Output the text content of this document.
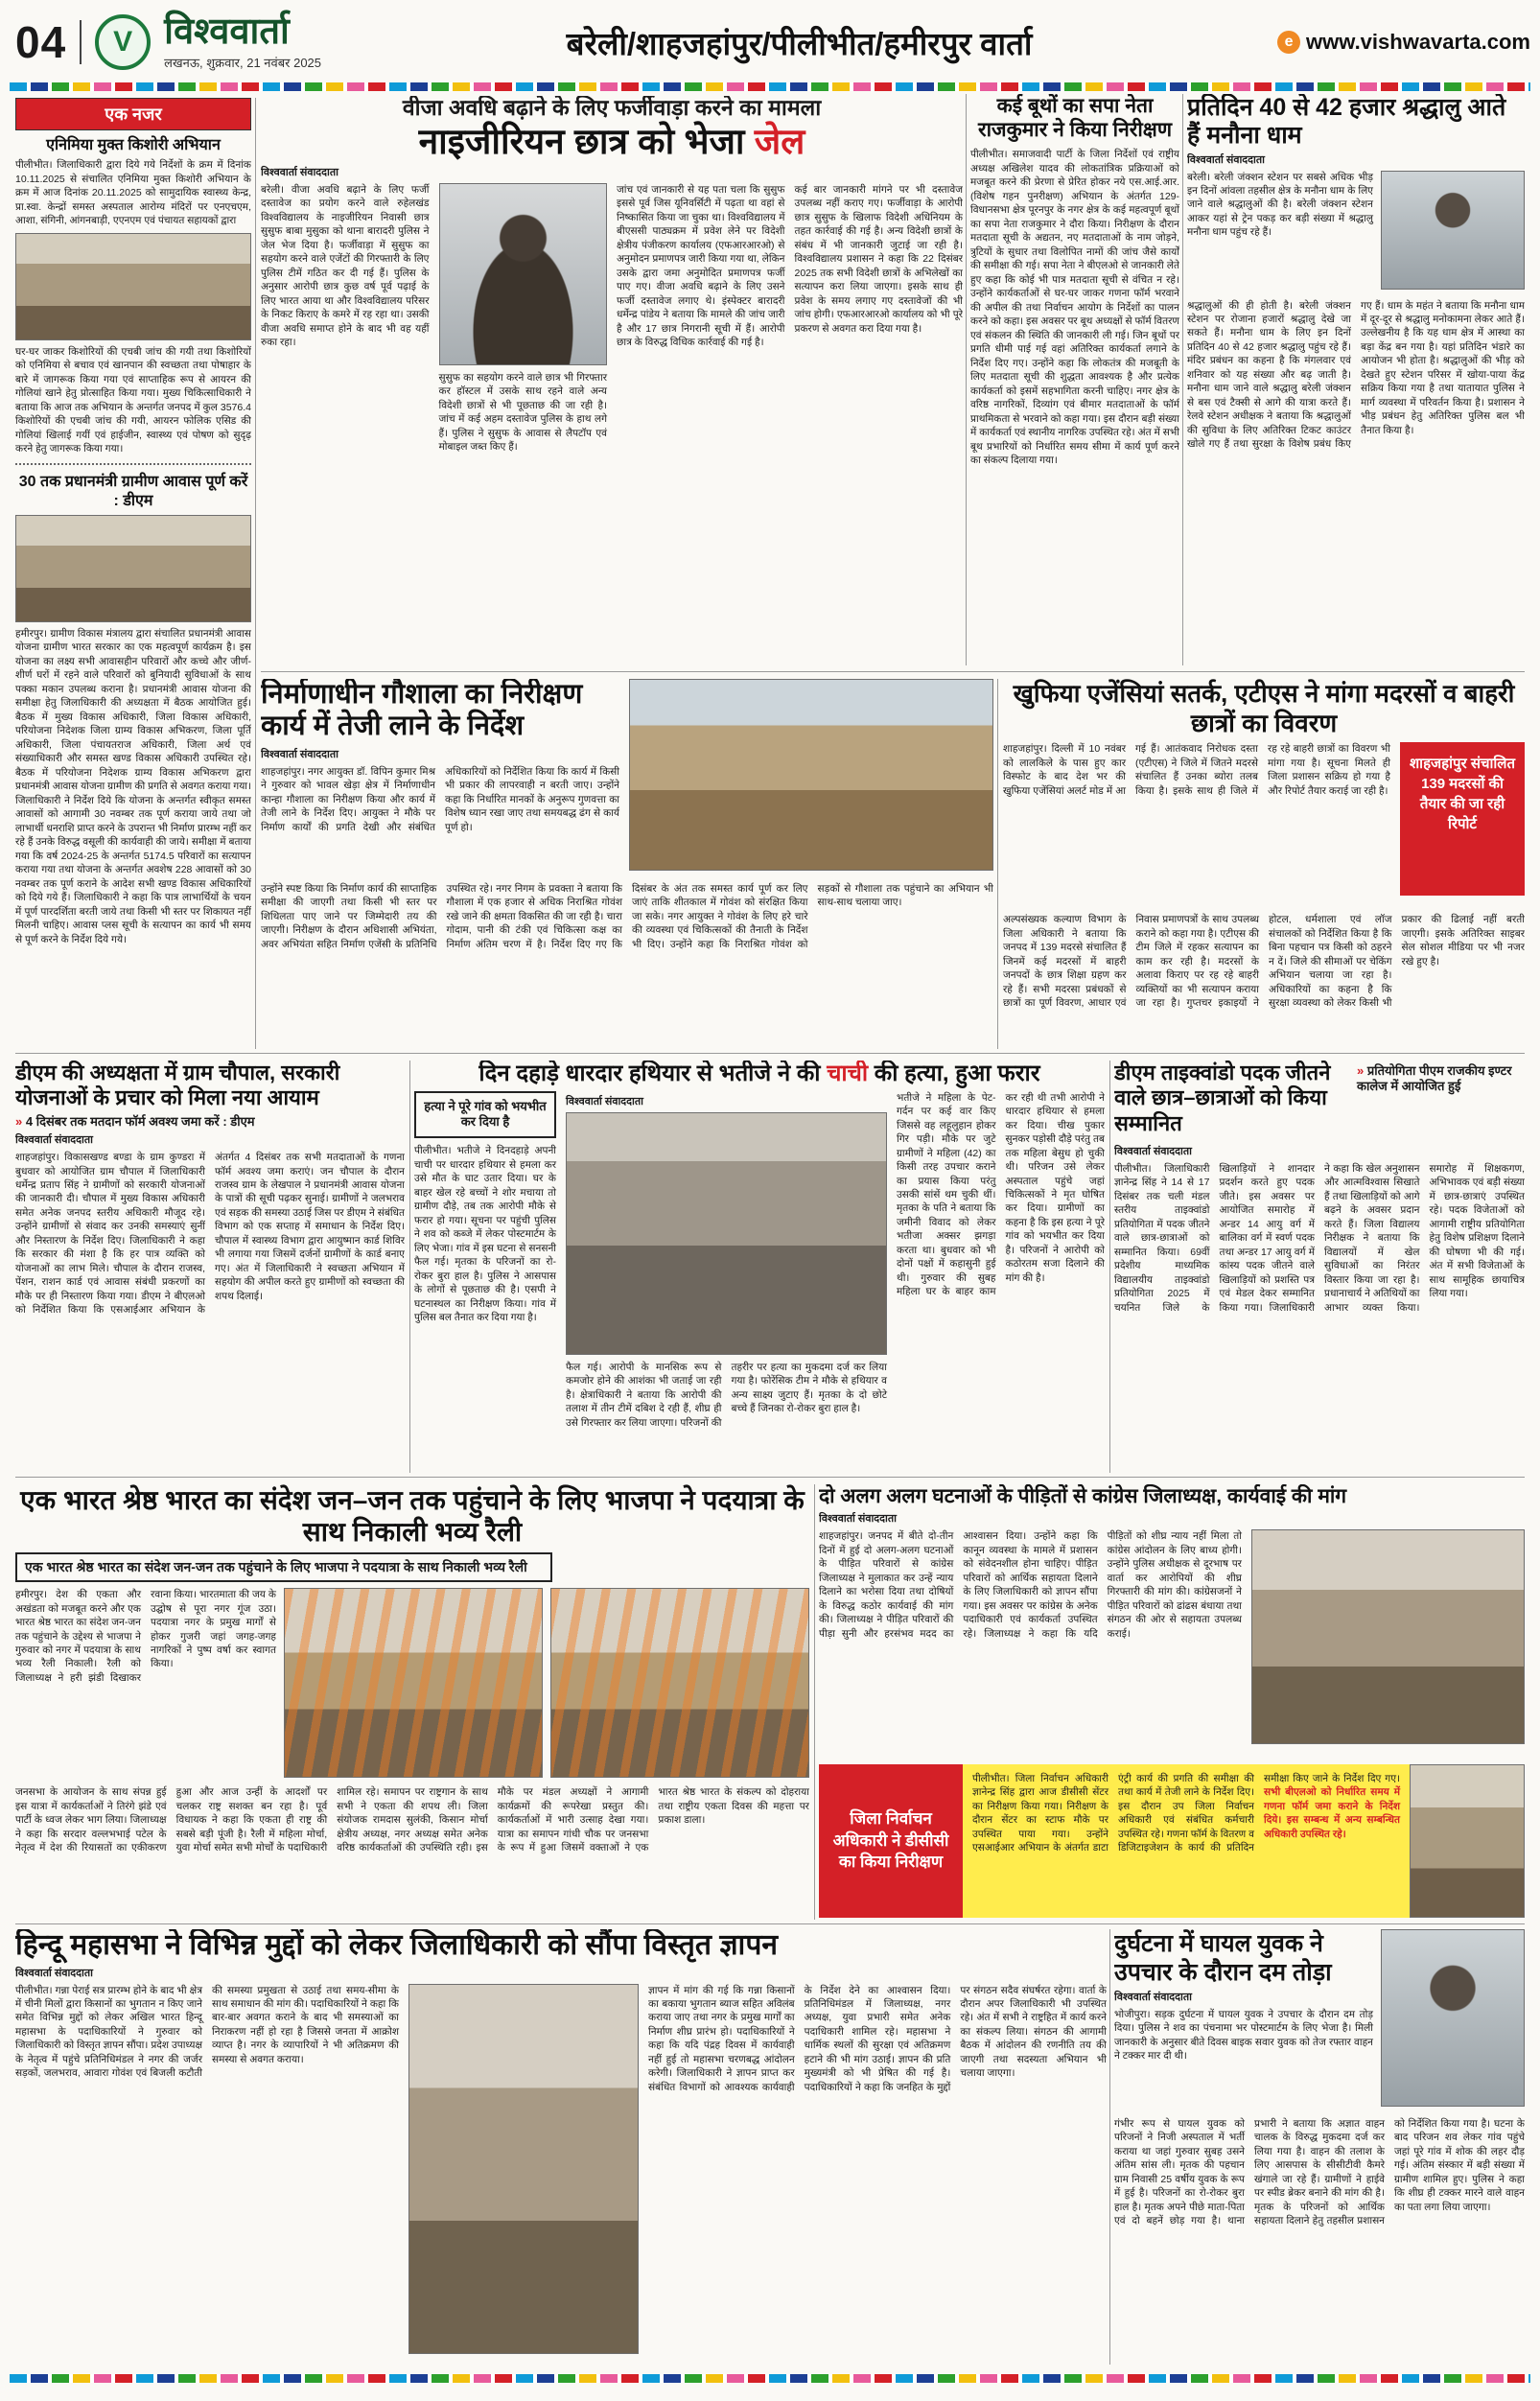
04	V विश्ववार्ता
लखनऊ, शुक्रवार, 21 नवंबर 2025
बरेली/शाहजहांपुर/पीलीभीत/हमीरपुर वार्ता	e www.vishwavarta.com
एक नजर
एनिमिया मुक्त किशोरी अभियान
पीलीभीत। जिलाधिकारी द्वारा दिये गये निर्देशों के क्रम में दिनांक 10.11.2025 से संचालित एनिमिया मुक्त किशोरी अभियान के क्रम में आज दिनांक 20.11.2025 को सामुदायिक स्वास्थ्य केन्द्र, प्रा.स्वा. केन्द्रों समस्त अस्पताल आरोग्य मंदिरों पर एनएचएम, आशा, संगिनी, आंगनबाड़ी, एएनएम एवं पंचायत सहायकों द्वारा
घर-घर जाकर किशोरियों की एचबी जांच की गयी तथा किशोरियों को एनिमिया से बचाव एवं खानपान की स्वच्छता तथा पोषाहार के बारे में जागरूक किया गया एवं साप्ताहिक रूप से आयरन की गोलियां खाने हेतु प्रोत्साहित किया गया। मुख्य चिकित्साधिकारी ने बताया कि आज तक अभियान के अन्तर्गत जनपद में कुल 3576.4 किशोरियों की एचबी जांच की गयी, आयरन फोलिक एसिड की गोलियां खिलाई गयीं एवं हाईजीन, स्वास्थ्य एवं पोषण को सुदृढ़ करने हेतु जागरूक किया गया।
30 तक प्रधानमंत्री ग्रामीण आवास पूर्ण करें : डीएम
हमीरपुर। ग्रामीण विकास मंत्रालय द्वारा संचालित प्रधानमंत्री आवास योजना ग्रामीण भारत सरकार का एक महत्वपूर्ण कार्यक्रम है। इस योजना का लक्ष्य सभी आवासहीन परिवारों और कच्चे और जीर्ण-शीर्ण घरों में रहने वाले परिवारों को बुनियादी सुविधाओं के साथ पक्का मकान उपलब्ध कराना है। प्रधानमंत्री आवास योजना की समीक्षा हेतु जिलाधिकारी की अध्यक्षता में बैठक आयोजित हुई। बैठक में मुख्य विकास अधिकारी, जिला विकास अधिकारी, परियोजना निदेशक जिला ग्राम्य विकास अभिकरण, जिला पूर्ति अधिकारी, जिला पंचायतराज अधिकारी, जिला अर्थ एवं संख्याधिकारी और समस्त खण्ड विकास अधिकारी उपस्थित रहे। बैठक में परियोजना निदेशक ग्राम्य विकास अभिकरण द्वारा प्रधानमंत्री आवास योजना ग्रामीण की प्रगति से अवगत कराया गया। जिलाधिकारी ने निर्देश दिये कि योजना के अन्तर्गत स्वीकृत समस्त आवासों को आगामी 30 नवम्बर तक पूर्ण कराया जाये तथा जो लाभार्थी धनराशि प्राप्त करने के उपरान्त भी निर्माण प्रारम्भ नहीं कर रहे हैं उनके विरुद्ध वसूली की कार्यवाही की जाये। समीक्षा में बताया गया कि वर्ष 2024-25 के अन्तर्गत 5174.5 परिवारों का सत्यापन कराया गया तथा योजना के अन्तर्गत अवशेष 228 आवासों को 30 नवम्बर तक पूर्ण कराने के आदेश सभी खण्ड विकास अधिकारियों को दिये गये हैं। जिलाधिकारी ने कहा कि पात्र लाभार्थियों के चयन में पूर्ण पारदर्शिता बरती जाये तथा किसी भी स्तर पर शिकायत नहीं मिलनी चाहिए। आवास प्लस सूची के सत्यापन का कार्य भी समय से पूर्ण करने के निर्देश दिये गये।
वीजा अवधि बढ़ाने के लिए फर्जीवाड़ा करने का मामला
नाइजीरियन छात्र को भेजा जेल
विश्ववार्ता संवाददाता
बरेली। वीजा अवधि बढ़ाने के लिए फर्जी दस्तावेज का प्रयोग करने वाले रुहेलखंड विश्वविद्यालय के नाइजीरियन निवासी छात्र सुसुफ बाबा मुसुका को थाना बारादरी पुलिस ने जेल भेज दिया है। फर्जीवाड़ा में सुसुफ का सहयोग करने वाले एजेंटों की गिरफ्तारी के लिए पुलिस टीमें गठित कर दी गई हैं। पुलिस के अनुसार आरोपी छात्र कुछ वर्ष पूर्व पढ़ाई के लिए भारत आया था और विश्वविद्यालय परिसर के निकट किराए के कमरे में रह रहा था। उसकी वीजा अवधि समाप्त होने के बाद भी वह यहीं रुका रहा।
सुसुफ का सहयोग करने वाले छात्र भी गिरफ्तार कर हॉस्टल में उसके साथ रहने वाले अन्य विदेशी छात्रों से भी पूछताछ की जा रही है। जांच में कई अहम दस्तावेज पुलिस के हाथ लगे हैं। पुलिस ने सुसुफ के आवास से लैपटॉप एवं मोबाइल जब्त किए हैं।
जांच एवं जानकारी से यह पता चला कि सुसुफ इससे पूर्व जिस यूनिवर्सिटी में पढ़ता था वहां से निष्कासित किया जा चुका था। विश्वविद्यालय में बीएससी पाठ्यक्रम में प्रवेश लेने पर विदेशी क्षेत्रीय पंजीकरण कार्यालय (एफआरआरओ) से अनुमोदन प्रमाणपत्र जारी किया गया था, लेकिन उसके द्वारा जमा अनुमोदित प्रमाणपत्र फर्जी पाए गए। वीजा अवधि बढ़ाने के लिए उसने फर्जी दस्तावेज लगाए थे। इंस्पेक्टर बारादरी धर्मेन्द्र पांडेय ने बताया कि मामले की जांच जारी है और 17 छात्र निगरानी सूची में हैं। आरोपी छात्र के विरुद्ध विधिक कार्रवाई की गई है।
कई बार जानकारी मांगने पर भी दस्तावेज उपलब्ध नहीं कराए गए। फर्जीवाड़ा के आरोपी छात्र सुसुफ के खिलाफ विदेशी अधिनियम के तहत कार्रवाई की गई है। अन्य विदेशी छात्रों के संबंध में भी जानकारी जुटाई जा रही है। विश्वविद्यालय प्रशासन ने कहा कि 22 दिसंबर 2025 तक सभी विदेशी छात्रों के अभिलेखों का सत्यापन करा लिया जाएगा। इसके साथ ही प्रवेश के समय लगाए गए दस्तावेजों की भी जांच होगी। एफआरआरओ कार्यालय को भी पूरे प्रकरण से अवगत करा दिया गया है।
कई बूथों का सपा नेता राजकुमार ने किया निरीक्षण
पीलीभीत। समाजवादी पार्टी के जिला निर्देशों एवं राष्ट्रीय अध्यक्ष अखिलेश यादव की लोकतांत्रिक प्रक्रियाओं को मजबूत करने की प्रेरणा से प्रेरित होकर नये एस.आई.आर. (विशेष गहन पुनरीक्षण) अभियान के अंतर्गत 129-विधानसभा क्षेत्र पूरनपुर के नगर क्षेत्र के कई महत्वपूर्ण बूथों का सपा नेता राजकुमार ने दौरा किया। निरीक्षण के दौरान मतदाता सूची के अद्यतन, नए मतदाताओं के नाम जोड़ने, त्रुटियों के सुधार तथा विलोपित नामों की जांच जैसे कार्यों की समीक्षा की गई। सपा नेता ने बीएलओ से जानकारी लेते हुए कहा कि कोई भी पात्र मतदाता सूची से वंचित न रहे। उन्होंने कार्यकर्ताओं से घर-घर जाकर गणना फॉर्म भरवाने की अपील की तथा निर्वाचन आयोग के निर्देशों का पालन करने को कहा। इस अवसर पर बूथ अध्यक्षों से फॉर्म वितरण एवं संकलन की स्थिति की जानकारी ली गई। जिन बूथों पर प्रगति धीमी पाई गई वहां अतिरिक्त कार्यकर्ता लगाने के निर्देश दिए गए। उन्होंने कहा कि लोकतंत्र की मजबूती के लिए मतदाता सूची की शुद्धता आवश्यक है और प्रत्येक कार्यकर्ता को इसमें सहभागिता करनी चाहिए। नगर क्षेत्र के वरिष्ठ नागरिकों, दिव्यांग एवं बीमार मतदाताओं के फॉर्म प्राथमिकता से भरवाने को कहा गया। इस दौरान बड़ी संख्या में कार्यकर्ता एवं स्थानीय नागरिक उपस्थित रहे। अंत में सभी बूथ प्रभारियों को निर्धारित समय सीमा में कार्य पूर्ण करने का संकल्प दिलाया गया।
प्रतिदिन 40 से 42 हजार श्रद्धालु आते हैं मनौना धाम
विश्ववार्ता संवाददाता
बरेली। बरेली जंक्शन स्टेशन पर सबसे अधिक भीड़ इन दिनों आंवला तहसील क्षेत्र के मनौना धाम के लिए जाने वाले श्रद्धालुओं की है। बरेली जंक्शन स्टेशन आकर यहां से ट्रेन पकड़ कर बड़ी संख्या में श्रद्धालु मनौना धाम पहुंच रहे हैं।
श्रद्धालुओं की ही होती है। बरेली जंक्शन स्टेशन पर रोजाना हजारों श्रद्धालु देखे जा सकते हैं। मनौना धाम के लिए इन दिनों प्रतिदिन 40 से 42 हजार श्रद्धालु पहुंच रहे हैं। मंदिर प्रबंधन का कहना है कि मंगलवार एवं शनिवार को यह संख्या और बढ़ जाती है। मनौना धाम जाने वाले श्रद्धालु बरेली जंक्शन से बस एवं टैक्सी से आगे की यात्रा करते हैं। रेलवे स्टेशन अधीक्षक ने बताया कि श्रद्धालुओं की सुविधा के लिए अतिरिक्त टिकट काउंटर खोले गए हैं तथा सुरक्षा के विशेष प्रबंध किए गए हैं। धाम के महंत ने बताया कि मनौना धाम में दूर-दूर से श्रद्धालु मनोकामना लेकर आते हैं। उल्लेखनीय है कि यह धाम क्षेत्र में आस्था का बड़ा केंद्र बन गया है। यहां प्रतिदिन भंडारे का आयोजन भी होता है। श्रद्धालुओं की भीड़ को देखते हुए स्टेशन परिसर में खोया-पाया केंद्र सक्रिय किया गया है तथा यातायात पुलिस ने मार्ग व्यवस्था में परिवर्तन किया है। प्रशासन ने भीड़ प्रबंधन हेतु अतिरिक्त पुलिस बल भी तैनात किया है।
निर्माणाधीन गौशाला का निरीक्षण कार्य में तेजी लाने के निर्देश
विश्ववार्ता संवाददाता
शाहजहांपुर। नगर आयुक्त डॉ. विपिन कुमार मिश्र ने गुरुवार को भावल खेड़ा क्षेत्र में निर्माणाधीन कान्हा गौशाला का निरीक्षण किया और कार्य में तेजी लाने के निर्देश दिए। आयुक्त ने मौके पर निर्माण कार्यों की प्रगति देखी और संबंधित अधिकारियों को निर्देशित किया कि कार्य में किसी भी प्रकार की लापरवाही न बरती जाए। उन्होंने कहा कि निर्धारित मानकों के अनुरूप गुणवत्ता का विशेष ध्यान रखा जाए तथा समयबद्ध ढंग से कार्य पूर्ण हो।
उन्होंने स्पष्ट किया कि निर्माण कार्य की साप्ताहिक समीक्षा की जाएगी तथा किसी भी स्तर पर शिथिलता पाए जाने पर जिम्मेदारी तय की जाएगी। निरीक्षण के दौरान अधिशासी अभियंता, अवर अभियंता सहित निर्माण एजेंसी के प्रतिनिधि उपस्थित रहे। नगर निगम के प्रवक्ता ने बताया कि गौशाला में एक हजार से अधिक निराश्रित गोवंश रखे जाने की क्षमता विकसित की जा रही है। चारा गोदाम, पानी की टंकी एवं चिकित्सा कक्ष का निर्माण अंतिम चरण में है। निर्देश दिए गए कि दिसंबर के अंत तक समस्त कार्य पूर्ण कर लिए जाएं ताकि शीतकाल में गोवंश को संरक्षित किया जा सके। नगर आयुक्त ने गोवंश के लिए हरे चारे की व्यवस्था एवं चिकित्सकों की तैनाती के निर्देश भी दिए। उन्होंने कहा कि निराश्रित गोवंश को सड़कों से गौशाला तक पहुंचाने का अभियान भी साथ-साथ चलाया जाए।
खुफिया एजेंसियां सतर्क, एटीएस ने मांगा मदरसों व बाहरी छात्रों का विवरण
शाहजहांपुर। दिल्ली में 10 नवंबर को लालकिले के पास हुए कार विस्फोट के बाद देश भर की खुफिया एजेंसियां अलर्ट मोड में आ गई हैं। आतंकवाद निरोधक दस्ता (एटीएस) ने जिले में जितने मदरसे संचालित हैं उनका ब्योरा तलब किया है। इसके साथ ही जिले में रह रहे बाहरी छात्रों का विवरण भी मांगा गया है। सूचना मिलते ही जिला प्रशासन सक्रिय हो गया है और रिपोर्ट तैयार कराई जा रही है।
शाहजहांपुर संचालित 139 मदरसों की तैयार की जा रही रिपोर्ट
अल्पसंख्यक कल्याण विभाग के जिला अधिकारी ने बताया कि जनपद में 139 मदरसे संचालित हैं जिनमें कई मदरसों में बाहरी जनपदों के छात्र शिक्षा ग्रहण कर रहे हैं। सभी मदरसा प्रबंधकों से छात्रों का पूर्ण विवरण, आधार एवं निवास प्रमाणपत्रों के साथ उपलब्ध कराने को कहा गया है। एटीएस की टीम जिले में रहकर सत्यापन का काम कर रही है। मदरसों के अलावा किराए पर रह रहे बाहरी व्यक्तियों का भी सत्यापन कराया जा रहा है। गुप्तचर इकाइयों ने होटल, धर्मशाला एवं लॉज संचालकों को निर्देशित किया है कि बिना पहचान पत्र किसी को ठहरने न दें। जिले की सीमाओं पर चेकिंग अभियान चलाया जा रहा है। अधिकारियों का कहना है कि सुरक्षा व्यवस्था को लेकर किसी भी प्रकार की ढिलाई नहीं बरती जाएगी। इसके अतिरिक्त साइबर सेल सोशल मीडिया पर भी नजर रखे हुए है।
डीएम की अध्यक्षता में ग्राम चौपाल, सरकारी योजनाओं के प्रचार को मिला नया आयाम
» 4 दिसंबर तक मतदान फॉर्म अवश्य जमा करें : डीएम
विश्ववार्ता संवाददाता
शाहजहांपुर। विकासखण्ड बण्डा के ग्राम कुण्डरा में बुधवार को आयोजित ग्राम चौपाल में जिलाधिकारी धर्मेन्द्र प्रताप सिंह ने ग्रामीणों को सरकारी योजनाओं की जानकारी दी। चौपाल में मुख्य विकास अधिकारी समेत अनेक जनपद स्तरीय अधिकारी मौजूद रहे। उन्होंने ग्रामीणों से संवाद कर उनकी समस्याएं सुनीं और निस्तारण के निर्देश दिए। जिलाधिकारी ने कहा कि सरकार की मंशा है कि हर पात्र व्यक्ति को योजनाओं का लाभ मिले। चौपाल के दौरान राजस्व, पेंशन, राशन कार्ड एवं आवास संबंधी प्रकरणों का मौके पर ही निस्तारण किया गया। डीएम ने बीएलओ को निर्देशित किया कि एसआईआर अभियान के अंतर्गत 4 दिसंबर तक सभी मतदाताओं के गणना फॉर्म अवश्य जमा कराएं। जन चौपाल के दौरान राजस्व ग्राम के लेखपाल ने प्रधानमंत्री आवास योजना के पात्रों की सूची पढ़कर सुनाई। ग्रामीणों ने जलभराव एवं सड़क की समस्या उठाई जिस पर डीएम ने संबंधित विभाग को एक सप्ताह में समाधान के निर्देश दिए। चौपाल में स्वास्थ्य विभाग द्वारा आयुष्मान कार्ड शिविर भी लगाया गया जिसमें दर्जनों ग्रामीणों के कार्ड बनाए गए। अंत में जिलाधिकारी ने स्वच्छता अभियान में सहयोग की अपील करते हुए ग्रामीणों को स्वच्छता की शपथ दिलाई।
दिन दहाड़े धारदार हथियार से भतीजे ने की चाची की हत्या, हुआ फरार
हत्या ने पूरे गांव को भयभीत कर दिया है
पीलीभीत। भतीजे ने दिनदहाड़े अपनी चाची पर धारदार हथियार से हमला कर उसे मौत के घाट उतार दिया। घर के बाहर खेल रहे बच्चों ने शोर मचाया तो ग्रामीण दौड़े, तब तक आरोपी मौके से फरार हो गया। सूचना पर पहुंची पुलिस ने शव को कब्जे में लेकर पोस्टमार्टम के लिए भेजा। गांव में इस घटना से सनसनी फैल गई। मृतका के परिजनों का रो-रोकर बुरा हाल है। पुलिस ने आसपास के लोगों से पूछताछ की है। एसपी ने घटनास्थल का निरीक्षण किया। गांव में पुलिस बल तैनात कर दिया गया है।
विश्ववार्ता संवाददाता
फैल गई। आरोपी के मानसिक रूप से कमजोर होने की आशंका भी जताई जा रही है। क्षेत्राधिकारी ने बताया कि आरोपी की तलाश में तीन टीमें दबिश दे रही हैं, शीघ्र ही उसे गिरफ्तार कर लिया जाएगा। परिजनों की तहरीर पर हत्या का मुकदमा दर्ज कर लिया गया है। फोरेंसिक टीम ने मौके से हथियार व अन्य साक्ष्य जुटाए हैं। मृतका के दो छोटे बच्चे हैं जिनका रो-रोकर बुरा हाल है।
भतीजे ने महिला के पेट-गर्दन पर कई वार किए जिससे वह लहूलुहान होकर गिर पड़ी। मौके पर जुटे ग्रामीणों ने महिला (42) का किसी तरह उपचार कराने का प्रयास किया परंतु उसकी सांसें थम चुकी थीं। मृतका के पति ने बताया कि जमीनी विवाद को लेकर भतीजा अक्सर झगड़ा करता था। बुधवार को भी दोनों पक्षों में कहासुनी हुई थी। गुरुवार की सुबह महिला घर के बाहर काम कर रही थी तभी आरोपी ने धारदार हथियार से हमला कर दिया। चीख पुकार सुनकर पड़ोसी दौड़े परंतु तब तक महिला बेसुध हो चुकी थी। परिजन उसे लेकर अस्पताल पहुंचे जहां चिकित्सकों ने मृत घोषित कर दिया। ग्रामीणों का कहना है कि इस हत्या ने पूरे गांव को भयभीत कर दिया है। परिजनों ने आरोपी को कठोरतम सजा दिलाने की मांग की है।
डीएम ताइक्वांडो पदक जीतने वाले छात्र–छात्राओं को किया सम्मानित
» प्रतियोगिता पीएम राजकीय इण्टर कालेज में आयोजित हुई
विश्ववार्ता संवाददाता
पीलीभीत। जिलाधिकारी ज्ञानेन्द्र सिंह ने 14 से 17 दिसंबर तक चली मंडल स्तरीय ताइक्वांडो प्रतियोगिता में पदक जीतने वाले छात्र-छात्राओं को सम्मानित किया। 69वीं प्रदेशीय माध्यमिक विद्यालयीय ताइक्वांडो प्रतियोगिता 2025 में चयनित जिले के खिलाड़ियों ने शानदार प्रदर्शन करते हुए पदक जीते। इस अवसर पर आयोजित समारोह में अन्डर 14 आयु वर्ग में बालिका वर्ग में स्वर्ण पदक तथा अन्डर 17 आयु वर्ग में कांस्य पदक जीतने वाले खिलाड़ियों को प्रशस्ति पत्र एवं मेडल देकर सम्मानित किया गया। जिलाधिकारी ने कहा कि खेल अनुशासन और आत्मविश्वास सिखाते हैं तथा खिलाड़ियों को आगे बढ़ने के अवसर प्रदान करते हैं। जिला विद्यालय निरीक्षक ने बताया कि विद्यालयों में खेल सुविधाओं का निरंतर विस्तार किया जा रहा है। प्रधानाचार्य ने अतिथियों का आभार व्यक्त किया। समारोह में शिक्षकगण, अभिभावक एवं बड़ी संख्या में छात्र-छात्राएं उपस्थित रहे। पदक विजेताओं को आगामी राष्ट्रीय प्रतियोगिता हेतु विशेष प्रशिक्षण दिलाने की घोषणा भी की गई। अंत में सभी विजेताओं के साथ सामूहिक छायाचित्र लिया गया।
एक भारत श्रेष्ठ भारत का संदेश जन–जन तक पहुंचाने के लिए भाजपा ने पदयात्रा के साथ निकाली भव्य रैली
एक भारत श्रेष्ठ भारत का संदेश जन-जन तक पहुंचाने के लिए भाजपा ने पदयात्रा के साथ निकाली भव्य रैली
हमीरपुर। देश की एकता और अखंडता को मजबूत करने और एक भारत श्रेष्ठ भारत का संदेश जन-जन तक पहुंचाने के उद्देश्य से भाजपा ने गुरुवार को नगर में पदयात्रा के साथ भव्य रैली निकाली। रैली को जिलाध्यक्ष ने हरी झंडी दिखाकर रवाना किया। भारतमाता की जय के उद्घोष से पूरा नगर गूंज उठा। पदयात्रा नगर के प्रमुख मार्गों से होकर गुजरी जहां जगह-जगह नागरिकों ने पुष्प वर्षा कर स्वागत किया।
जनसभा के आयोजन के साथ संपन्न हुई इस यात्रा में कार्यकर्ताओं ने तिरंगे झंडे एवं पार्टी के ध्वज लेकर भाग लिया। जिलाध्यक्ष ने कहा कि सरदार वल्लभभाई पटेल के नेतृत्व में देश की रियासतों का एकीकरण हुआ और आज उन्हीं के आदर्शों पर चलकर राष्ट्र सशक्त बन रहा है। पूर्व विधायक ने कहा कि एकता ही राष्ट्र की सबसे बड़ी पूंजी है। रैली में महिला मोर्चा, युवा मोर्चा समेत सभी मोर्चों के पदाधिकारी शामिल रहे। समापन पर राष्ट्रगान के साथ सभी ने एकता की शपथ ली। जिला संयोजक रामदास सुलंकी, किसान मोर्चा क्षेत्रीय अध्यक्ष, नगर अध्यक्ष समेत अनेक वरिष्ठ कार्यकर्ताओं की उपस्थिति रही। इस मौके पर मंडल अध्यक्षों ने आगामी कार्यक्रमों की रूपरेखा प्रस्तुत की। कार्यकर्ताओं में भारी उत्साह देखा गया। यात्रा का समापन गांधी चौक पर जनसभा के रूप में हुआ जिसमें वक्ताओं ने एक भारत श्रेष्ठ भारत के संकल्प को दोहराया तथा राष्ट्रीय एकता दिवस की महत्ता पर प्रकाश डाला।
दो अलग अलग घटनाओं के पीड़ितों से कांग्रेस जिलाध्यक्ष, कार्यवाई की मांग
विश्ववार्ता संवाददाता
शाहजहांपुर। जनपद में बीते दो-तीन दिनों में हुई दो अलग-अलग घटनाओं के पीड़ित परिवारों से कांग्रेस जिलाध्यक्ष ने मुलाकात कर उन्हें न्याय दिलाने का भरोसा दिया तथा दोषियों के विरुद्ध कठोर कार्यवाई की मांग की। जिलाध्यक्ष ने पीड़ित परिवारों की पीड़ा सुनी और हरसंभव मदद का आश्वासन दिया। उन्होंने कहा कि कानून व्यवस्था के मामले में प्रशासन को संवेदनशील होना चाहिए। पीड़ित परिवारों को आर्थिक सहायता दिलाने के लिए जिलाधिकारी को ज्ञापन सौंपा गया। इस अवसर पर कांग्रेस के अनेक पदाधिकारी एवं कार्यकर्ता उपस्थित रहे। जिलाध्यक्ष ने कहा कि यदि पीड़ितों को शीघ्र न्याय नहीं मिला तो कांग्रेस आंदोलन के लिए बाध्य होगी। उन्होंने पुलिस अधीक्षक से दूरभाष पर वार्ता कर आरोपियों की शीघ्र गिरफ्तारी की मांग की। कांग्रेसजनों ने पीड़ित परिवारों को ढांढस बंधाया तथा संगठन की ओर से सहायता उपलब्ध कराई।
जिला निर्वाचन अधिकारी ने डीसीसी का किया निरीक्षण
पीलीभीत। जिला निर्वाचन अधिकारी ज्ञानेन्द्र सिंह द्वारा आज डीसीसी सेंटर का निरीक्षण किया गया। निरीक्षण के दौरान सेंटर का स्टाफ मौके पर उपस्थित पाया गया। उन्होंने एसआईआर अभियान के अंतर्गत डाटा एंट्री कार्य की प्रगति की समीक्षा की तथा कार्य में तेजी लाने के निर्देश दिए। इस दौरान उप जिला निर्वाचन अधिकारी एवं संबंधित कर्मचारी उपस्थित रहे। गणना फॉर्म के वितरण व डिजिटाइजेशन के कार्य की प्रतिदिन समीक्षा किए जाने के निर्देश दिए गए। सभी बीएलओ को निर्धारित समय में गणना फॉर्म जमा कराने के निर्देश दिये। इस सम्बन्ध में अन्य सम्बन्धित अधिकारी उपस्थित रहे।
हिन्दू महासभा ने विभिन्न मुद्दों को लेकर जिलाधिकारी को सौंपा विस्तृत ज्ञापन
विश्ववार्ता संवाददाता
पीलीभीत। गन्ना पेराई सत्र प्रारम्भ होने के बाद भी क्षेत्र में चीनी मिलों द्वारा किसानों का भुगतान न किए जाने समेत विभिन्न मुद्दों को लेकर अखिल भारत हिन्दू महासभा के पदाधिकारियों ने गुरुवार को जिलाधिकारी को विस्तृत ज्ञापन सौंपा। प्रदेश उपाध्यक्ष के नेतृत्व में पहुंचे प्रतिनिधिमंडल ने नगर की जर्जर सड़कों, जलभराव, आवारा गोवंश एवं बिजली कटौती की समस्या प्रमुखता से उठाई तथा समय-सीमा के साथ समाधान की मांग की। पदाधिकारियों ने कहा कि बार-बार अवगत कराने के बाद भी समस्याओं का निराकरण नहीं हो रहा है जिससे जनता में आक्रोश व्याप्त है। नगर के व्यापारियों ने भी अतिक्रमण की समस्या से अवगत कराया।
ज्ञापन में मांग की गई कि गन्ना किसानों का बकाया भुगतान ब्याज सहित अविलंब कराया जाए तथा नगर के प्रमुख मार्गों का निर्माण शीघ्र प्रारंभ हो। पदाधिकारियों ने कहा कि यदि पंद्रह दिवस में कार्यवाही नहीं हुई तो महासभा चरणबद्ध आंदोलन करेगी। जिलाधिकारी ने ज्ञापन प्राप्त कर संबंधित विभागों को आवश्यक कार्यवाही के निर्देश देने का आश्वासन दिया। प्रतिनिधिमंडल में जिलाध्यक्ष, नगर अध्यक्ष, युवा प्रभारी समेत अनेक पदाधिकारी शामिल रहे। महासभा ने धार्मिक स्थलों की सुरक्षा एवं अतिक्रमण हटाने की भी मांग उठाई। ज्ञापन की प्रति मुख्यमंत्री को भी प्रेषित की गई है। पदाधिकारियों ने कहा कि जनहित के मुद्दों पर संगठन सदैव संघर्षरत रहेगा। वार्ता के दौरान अपर जिलाधिकारी भी उपस्थित रहे। अंत में सभी ने राष्ट्रहित में कार्य करने का संकल्प लिया। संगठन की आगामी बैठक में आंदोलन की रणनीति तय की जाएगी तथा सदस्यता अभियान भी चलाया जाएगा।
दुर्घटना में घायल युवक ने उपचार के दौरान दम तोड़ा
विश्ववार्ता संवाददाता
भोजीपुरा। सड़क दुर्घटना में घायल युवक ने उपचार के दौरान दम तोड़ दिया। पुलिस ने शव का पंचनामा भर पोस्टमार्टम के लिए भेजा है। मिली जानकारी के अनुसार बीते दिवस बाइक सवार युवक को तेज रफ्तार वाहन ने टक्कर मार दी थी।
गंभीर रूप से घायल युवक को परिजनों ने निजी अस्पताल में भर्ती कराया था जहां गुरुवार सुबह उसने अंतिम सांस ली। मृतक की पहचान ग्राम निवासी 25 वर्षीय युवक के रूप में हुई है। परिजनों का रो-रोकर बुरा हाल है। मृतक अपने पीछे माता-पिता एवं दो बहनें छोड़ गया है। थाना प्रभारी ने बताया कि अज्ञात वाहन चालक के विरुद्ध मुकदमा दर्ज कर लिया गया है। वाहन की तलाश के लिए आसपास के सीसीटीवी कैमरे खंगाले जा रहे हैं। ग्रामीणों ने हाईवे पर स्पीड ब्रेकर बनाने की मांग की है। मृतक के परिजनों को आर्थिक सहायता दिलाने हेतु तहसील प्रशासन को निर्देशित किया गया है। घटना के बाद परिजन शव लेकर गांव पहुंचे जहां पूरे गांव में शोक की लहर दौड़ गई। अंतिम संस्कार में बड़ी संख्या में ग्रामीण शामिल हुए। पुलिस ने कहा कि शीघ्र ही टक्कर मारने वाले वाहन का पता लगा लिया जाएगा।
